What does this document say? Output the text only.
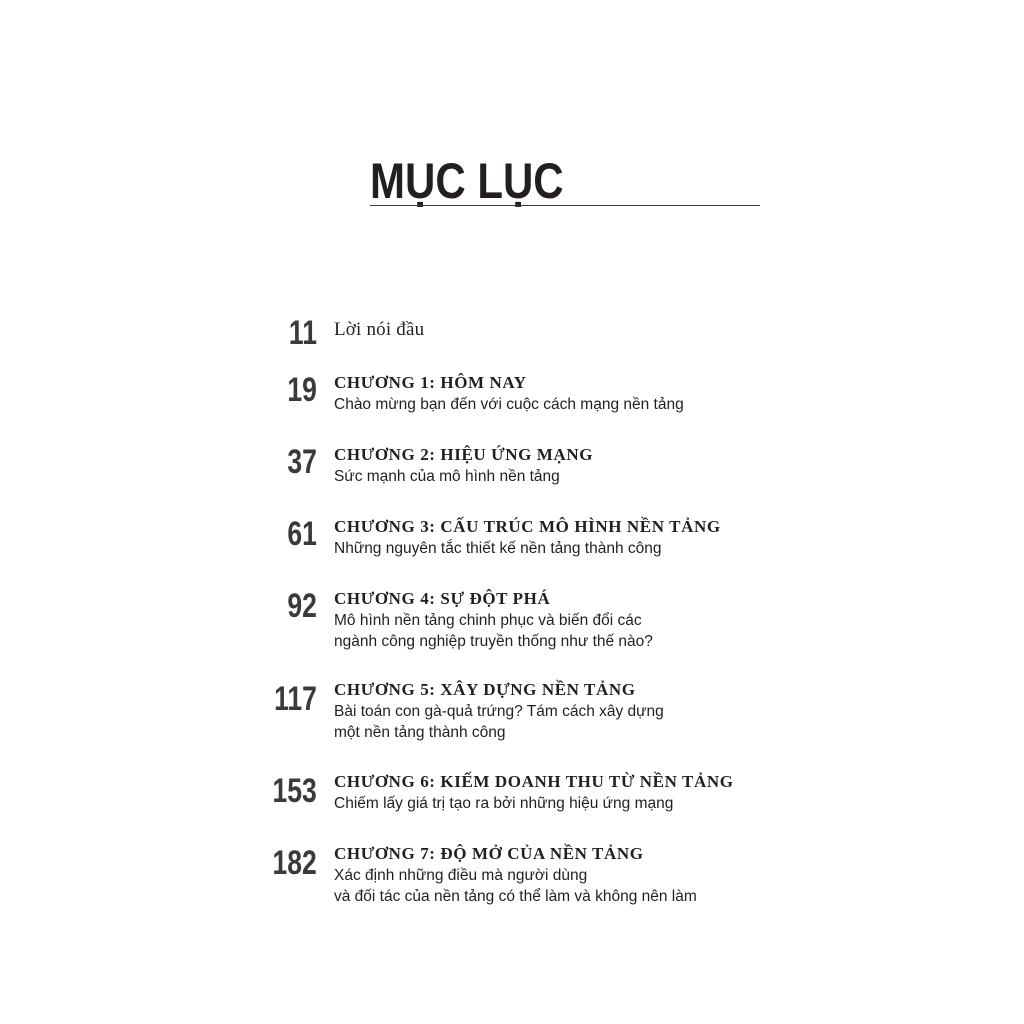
MỤC LỤC
11 Lời nói đầu
19 CHƯƠNG 1: HÔM NAY
Chào mừng bạn đến với cuộc cách mạng nền tảng
37 CHƯƠNG 2: HIỆU ỨNG MẠNG
Sức mạnh của mô hình nền tảng
61 CHƯƠNG 3: CẤU TRÚC MÔ HÌNH NỀN TẢNG
Những nguyên tắc thiết kế nền tảng thành công
92 CHƯƠNG 4: SỰ ĐỘT PHÁ
Mô hình nền tảng chinh phục và biến đổi các
ngành công nghiệp truyền thống như thế nào?
117 CHƯƠNG 5: XÂY DỰNG NỀN TẢNG
Bài toán con gà-quả trứng? Tám cách xây dựng
một nền tảng thành công
153 CHƯƠNG 6: KIẾM DOANH THU TỪ NỀN TẢNG
Chiếm lấy giá trị tạo ra bởi những hiệu ứng mạng
182 CHƯƠNG 7: ĐỘ MỞ CỦA NỀN TẢNG
Xác định những điều mà người dùng
và đối tác của nền tảng có thể làm và không nên làm
